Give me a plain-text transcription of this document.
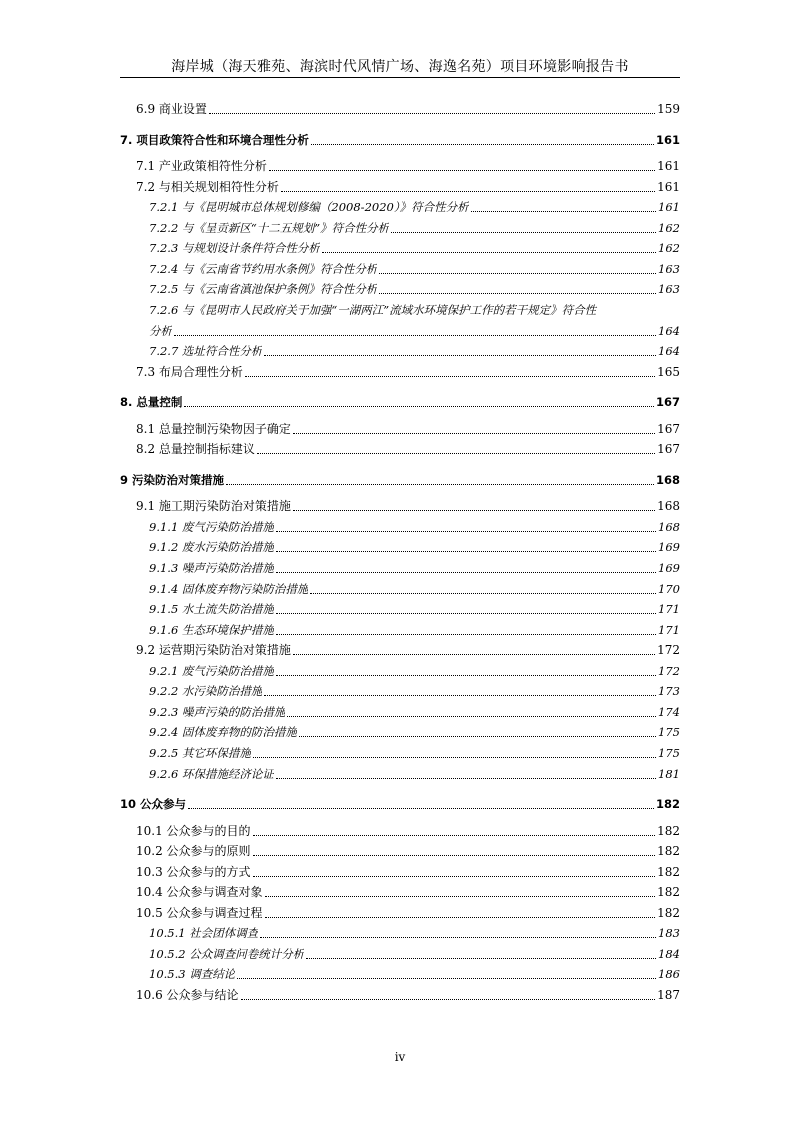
海岸城（海天雅苑、海滨时代风情广场、海逸名苑）项目环境影响报告书
6.9 商业设置	159
7. 项目政策符合性和环境合理性分析	161
7.1 产业政策相符性分析	161
7.2 与相关规划相符性分析	161
7.2.1 与《昆明城市总体规划修编（2008-2020）》符合性分析	161
7.2.2 与《呈贡新区“十二五规划”》符合性分析	162
7.2.3 与规划设计条件符合性分析	162
7.2.4 与《云南省节约用水条例》符合性分析	163
7.2.5 与《云南省滇池保护条例》符合性分析	163
7.2.6 与《昆明市人民政府关于加强“一湖两江”流域水环境保护工作的若干规定》符合性
分析	164
7.2.7 选址符合性分析	164
7.3 布局合理性分析	165
8. 总量控制	167
8.1 总量控制污染物因子确定	167
8.2 总量控制指标建议	167
9 污染防治对策措施	168
9.1 施工期污染防治对策措施	168
9.1.1 废气污染防治措施	168
9.1.2 废水污染防治措施	169
9.1.3 噪声污染防治措施	169
9.1.4 固体废弃物污染防治措施	170
9.1.5 水土流失防治措施	171
9.1.6 生态环境保护措施	171
9.2 运营期污染防治对策措施	172
9.2.1 废气污染防治措施	172
9.2.2 水污染防治措施	173
9.2.3 噪声污染的防治措施	174
9.2.4 固体废弃物的防治措施	175
9.2.5 其它环保措施	175
9.2.6 环保措施经济论证	181
10 公众参与	182
10.1 公众参与的目的	182
10.2 公众参与的原则	182
10.3 公众参与的方式	182
10.4 公众参与调查对象	182
10.5 公众参与调查过程	182
10.5.1 社会团体调查	183
10.5.2 公众调查问卷统计分析	184
10.5.3 调查结论	186
10.6 公众参与结论	187
iv
